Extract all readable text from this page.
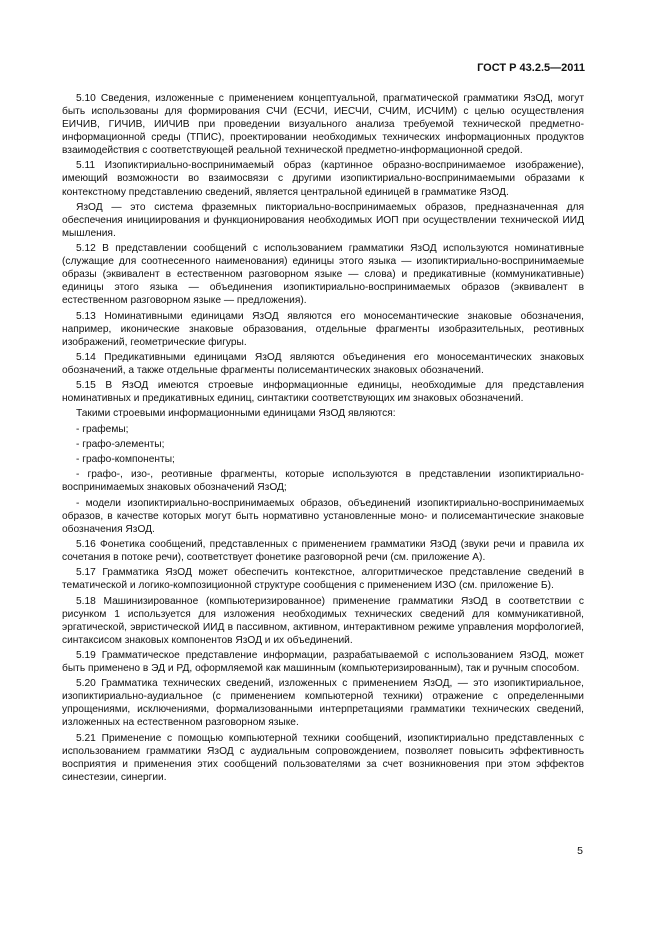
ГОСТ Р 43.2.5—2011

5.10 Сведения, изложенные с применением концептуальной, прагматической грамматики ЯзОД, могут быть использованы для формирования СЧИ (ЕСЧИ, ИЕСЧИ, СЧИМ, ИСЧИМ) с целью осуществления ЕИЧИВ, ГИЧИВ, ИИЧИВ при проведении визуального анализа требуемой технической предметно-информационной среды (ТПИС), проектировании необходимых технических информационных продуктов взаимодействия с соответствующей реальной технической предметно-информационной средой.

5.11 Изопиктириально-воспринимаемый образ (картинное образно-воспринимаемое изображение), имеющий возможности во взаимосвязи с другими изопиктириально-воспринимаемыми образами к контекстному представлению сведений, является центральной единицей в грамматике ЯзОД.

ЯзОД — это система фраземных пикториально-воспринимаемых образов, предназначенная для обеспечения инициирования и функционирования необходимых ИОП при осуществлении технической ИИД мышления.

5.12 В представлении сообщений с использованием грамматики ЯзОД используются номинативные (служащие для соотнесенного наименования) единицы этого языка — изопиктириально-воспринимаемые образы (эквивалент в естественном разговорном языке — слова) и предикативные (коммуникативные) единицы этого языка — объединения изопиктириально-воспринимаемых образов (эквивалент в естественном разговорном языке — предложения).

5.13 Номинативными единицами ЯзОД являются его моносемантические знаковые обозначения, например, иконические знаковые образования, отдельные фрагменты изобразительных, реотивных изображений, геометрические фигуры.

5.14 Предикативными единицами ЯзОД являются объединения его моносемантических знаковых обозначений, а также отдельные фрагменты полисемантических знаковых обозначений.

5.15 В ЯзОД имеются строевые информационные единицы, необходимые для представления номинативных и предикативных единиц, синтактики соответствующих им знаковых обозначений.

Такими строевыми информационными единицами ЯзОД являются:

- графемы;

- графо-элементы;

- графо-компоненты;

- графо-, изо-, реотивные фрагменты, которые используются в представлении изопиктириально-воспринимаемых знаковых обозначений ЯзОД;

- модели изопиктириально-воспринимаемых образов, объединений изопиктириально-воспринимаемых образов, в качестве которых могут быть нормативно установленные моно- и полисемантические знаковые обозначения ЯзОД.

5.16 Фонетика сообщений, представленных с применением грамматики ЯзОД (звуки речи и правила их сочетания в потоке речи), соответствует фонетике разговорной речи (см. приложение А).

5.17 Грамматика ЯзОД может обеспечить контекстное, алгоритмическое представление сведений в тематической и логико-композиционной структуре сообщения с применением ИЗО (см. приложение Б).

5.18 Машинизированное (компьютеризированное) применение грамматики ЯзОД в соответствии с рисунком 1 используется для изложения необходимых технических сведений для коммуникативной, эргатической, эвристической ИИД в пассивном, активном, интерактивном режиме управления морфологией, синтаксисом знаковых компонентов ЯзОД и их объединений.

5.19 Грамматическое представление информации, разрабатываемой с использованием ЯзОД, может быть применено в ЭД и РД, оформляемой как машинным (компьютеризированным), так и ручным способом.

5.20 Грамматика технических сведений, изложенных с применением ЯзОД, — это изопиктириальное, изопиктириально-аудиальное (с применением компьютерной техники) отражение с определенными упрощениями, исключениями, формализованными интерпретациями грамматики технических сведений, изложенных на естественном разговорном языке.

5.21 Применение с помощью компьютерной техники сообщений, изопиктириально представленных с использованием грамматики ЯзОД с аудиальным сопровождением, позволяет повысить эффективность восприятия и применения этих сообщений пользователями за счет возникновения при этом эффектов синестезии, синергии.

5
